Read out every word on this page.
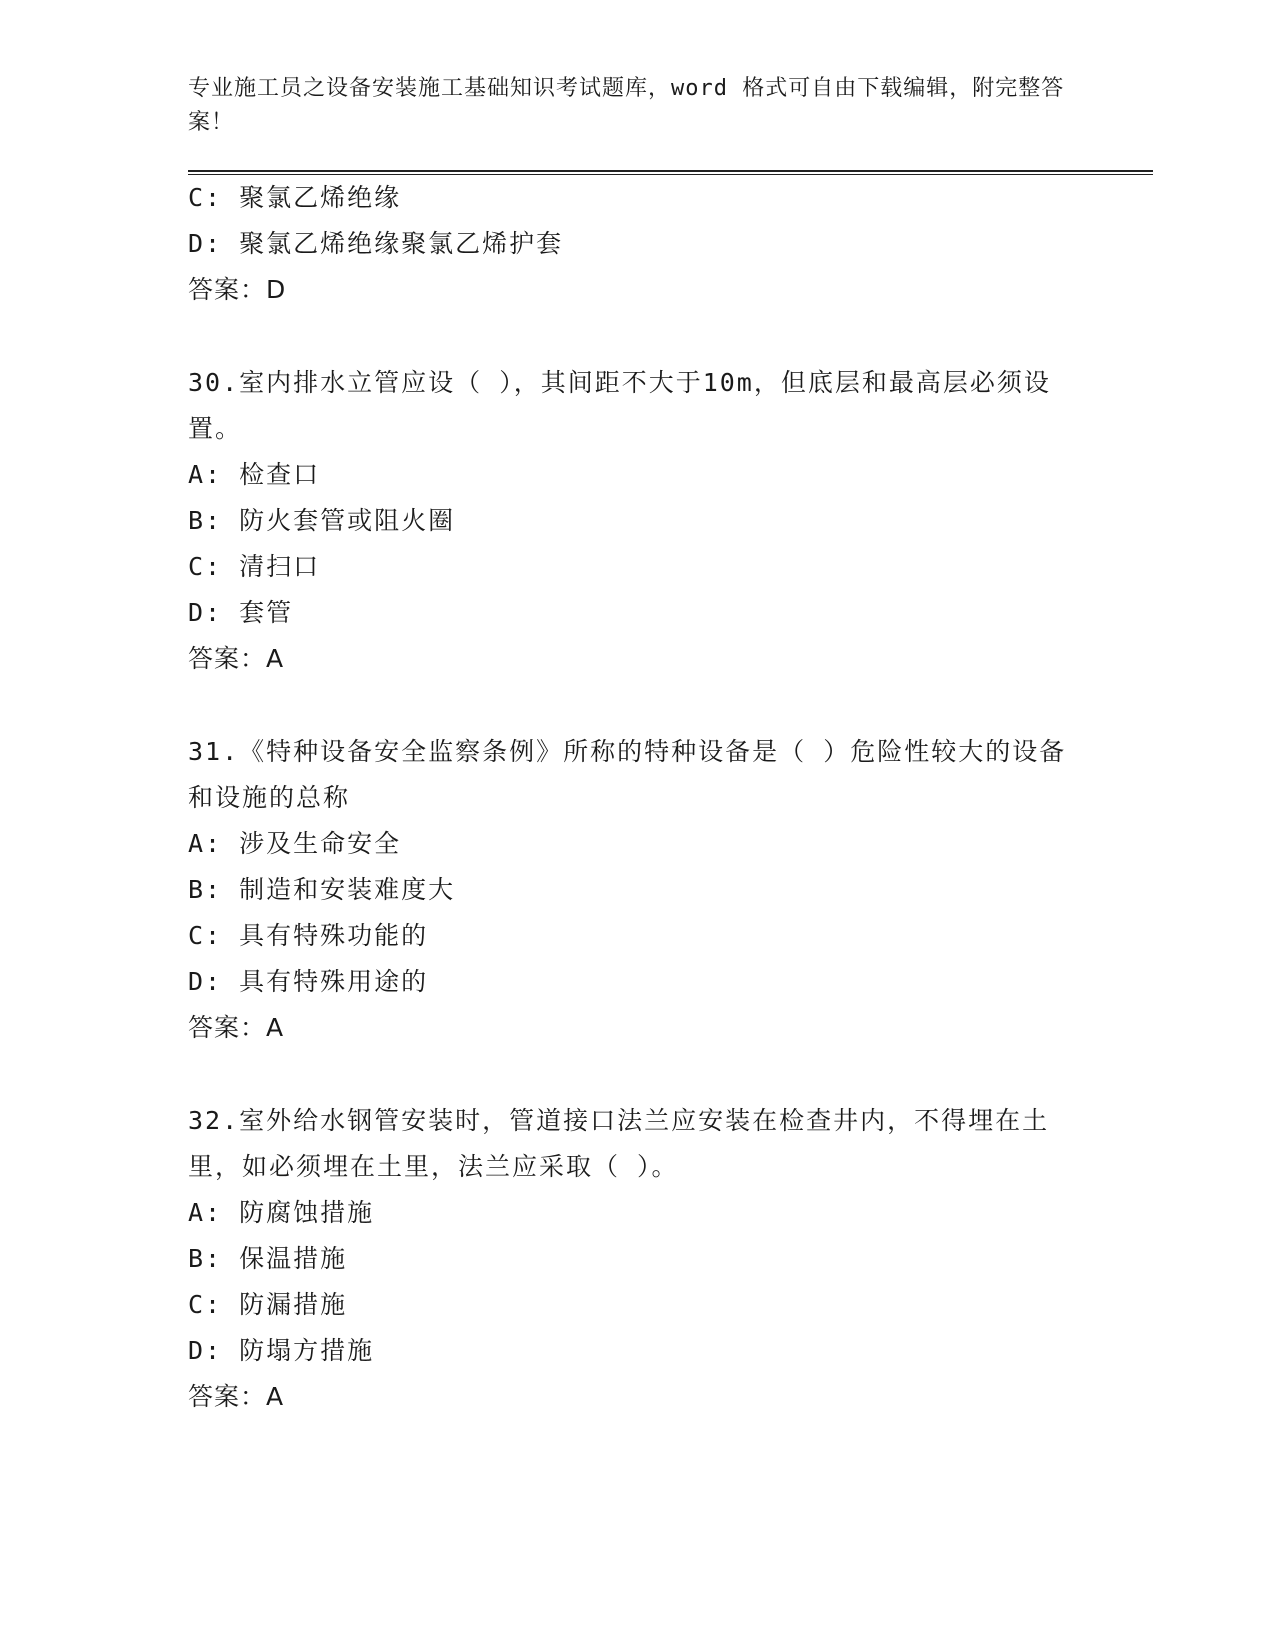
专业施工员之设备安装施工基础知识考试题库，word 格式可自由下载编辑，附完整答案！
C: 聚氯乙烯绝缘
D: 聚氯乙烯绝缘聚氯乙烯护套
答案：D
30.室内排水立管应设（ ），其间距不大于10m，但底层和最高层必须设置。
A: 检查口
B: 防火套管或阻火圈
C: 清扫口
D: 套管
答案：A
31.《特种设备安全监察条例》所称的特种设备是（ ）危险性较大的设备和设施的总称
A: 涉及生命安全
B: 制造和安装难度大
C: 具有特殊功能的
D: 具有特殊用途的
答案：A
32.室外给水钢管安装时，管道接口法兰应安装在检查井内，不得埋在土里，如必须埋在土里，法兰应采取（ ）。
A: 防腐蚀措施
B: 保温措施
C: 防漏措施
D: 防塌方措施
答案：A
